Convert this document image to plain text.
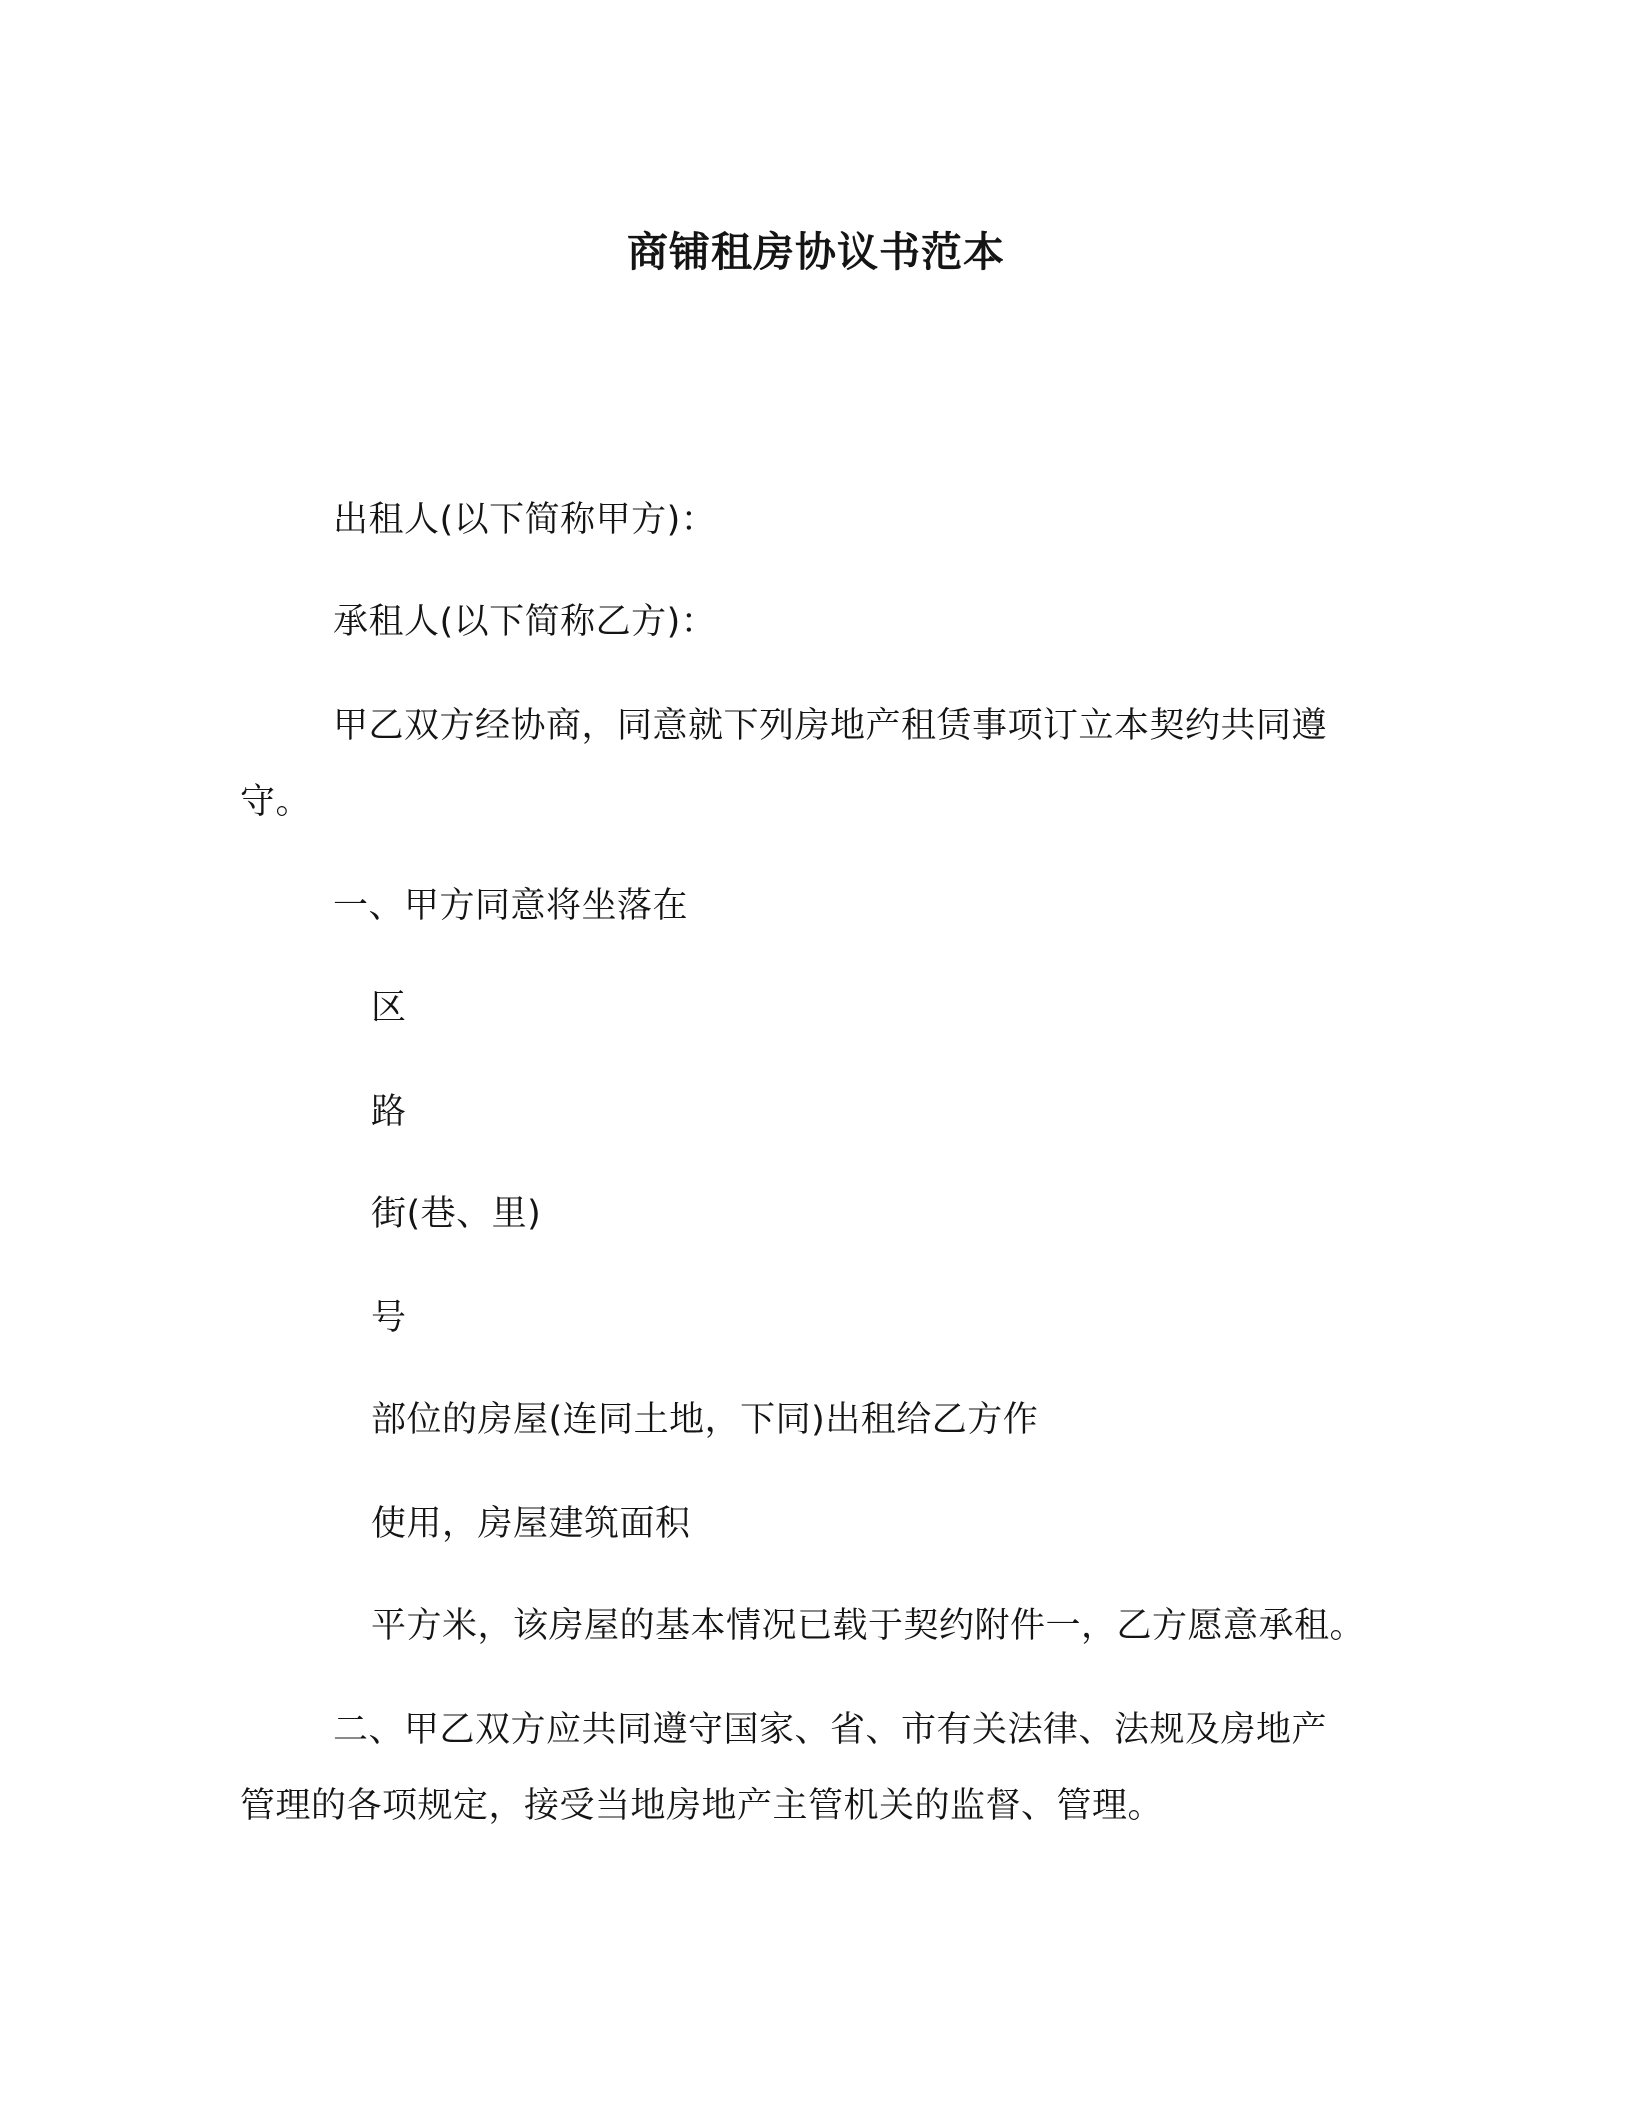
商铺租房协议书范本
出租人(以下简称甲方)：
承租人(以下简称乙方)：
甲乙双方经协商，同意就下列房地产租赁事项订立本契约共同遵
守。
一、甲方同意将坐落在
区
路
街(巷、里)
号
部位的房屋(连同土地，下同)出租给乙方作
使用，房屋建筑面积
平方米，该房屋的基本情况已载于契约附件一，乙方愿意承租。
二、甲乙双方应共同遵守国家、省、市有关法律、法规及房地产
管理的各项规定，接受当地房地产主管机关的监督、管理。
